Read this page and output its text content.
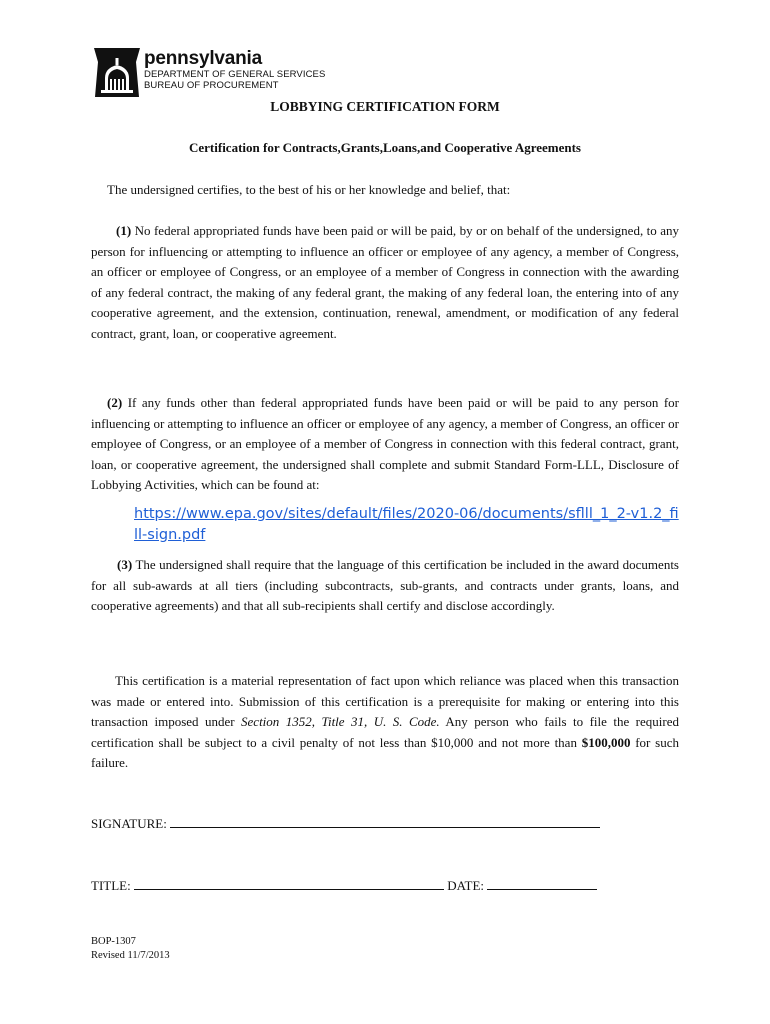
pennsylvania
DEPARTMENT OF GENERAL SERVICES
BUREAU OF PROCUREMENT
LOBBYING CERTIFICATION FORM
Certification for Contracts,Grants,Loans,and Cooperative Agreements
The undersigned certifies, to the best of his or her knowledge and belief, that:
(1) No federal appropriated funds have been paid or will be paid, by or on behalf of the undersigned, to any person for influencing or attempting to influence an officer or employee of any agency, a member of Congress, an officer or employee of Congress, or an employee of a member of Congress in connection with the awarding of any federal contract, the making of any federal grant, the making of any federal loan, the entering into of any cooperative agreement, and the extension, continuation, renewal, amendment, or modification of any federal contract, grant, loan, or cooperative agreement.
(2) If any funds other than federal appropriated funds have been paid or will be paid to any person for influencing or attempting to influence an officer or employee of any agency, a member of Congress, an officer or employee of Congress, or an employee of a member of Congress in connection with this federal contract, grant, loan, or cooperative agreement, the undersigned shall complete and submit Standard Form-LLL, Disclosure of Lobbying Activities, which can be found at:
https://www.epa.gov/sites/default/files/2020-06/documents/sflll_1_2-v1.2_fill-sign.pdf
(3) The undersigned shall require that the language of this certification be included in the award documents for all sub-awards at all tiers (including subcontracts, sub-grants, and contracts under grants, loans, and cooperative agreements) and that all sub-recipients shall certify and disclose accordingly.
This certification is a material representation of fact upon which reliance was placed when this transaction was made or entered into. Submission of this certification is a prerequisite for making or entering into this transaction imposed under Section 1352, Title 31, U. S. Code. Any person who fails to file the required certification shall be subject to a civil penalty of not less than $10,000 and not more than $100,000 for such failure.
SIGNATURE:
TITLE:	DATE:
BOP-1307
Revised 11/7/2013
